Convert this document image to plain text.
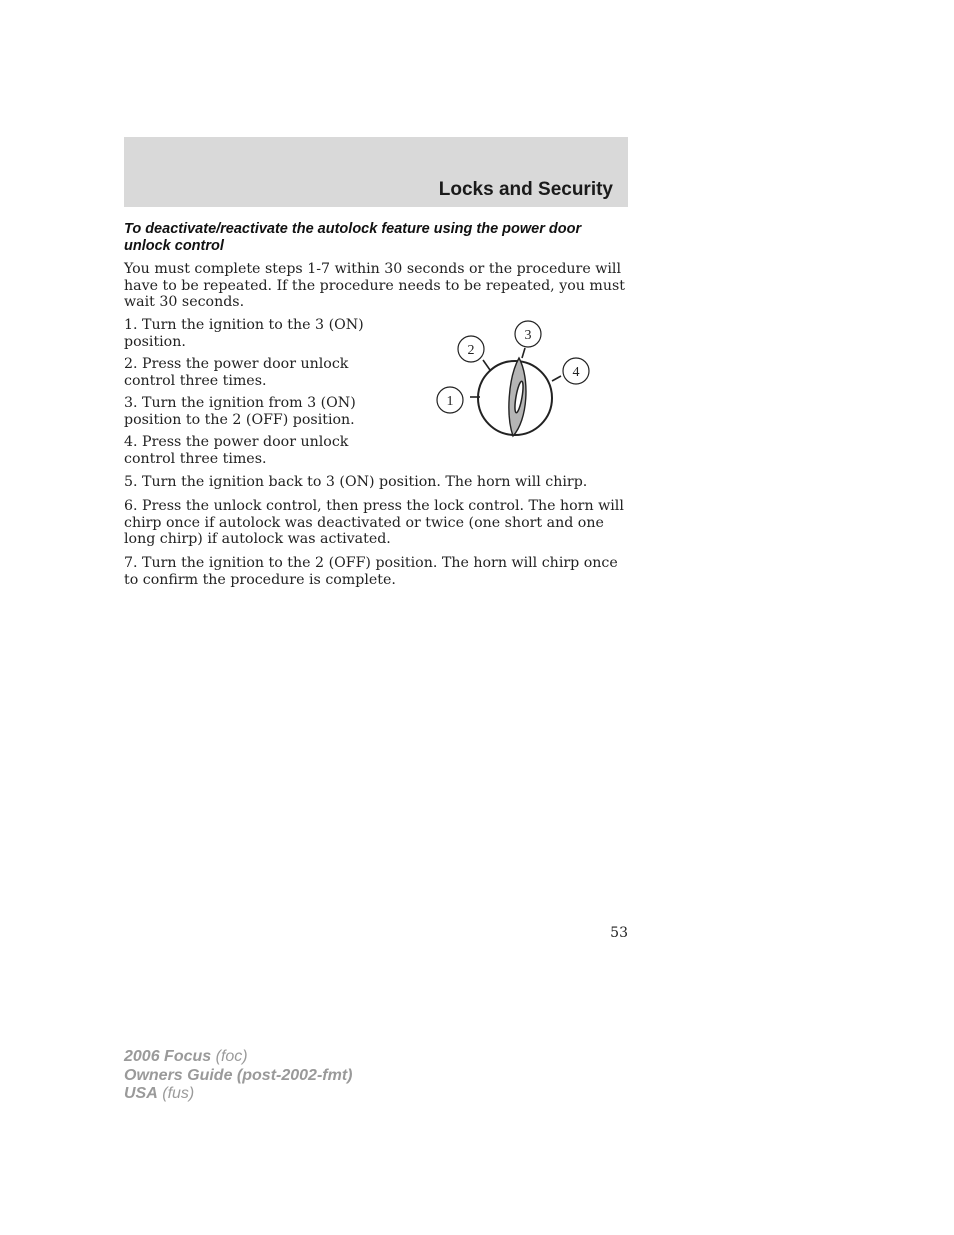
Locks and Security

To deactivate/reactivate the autolock feature using the power door unlock control

You must complete steps 1-7 within 30 seconds or the procedure will have to be repeated. If the procedure needs to be repeated, you must wait 30 seconds.

1. Turn the ignition to the 3 (ON) position.

2. Press the power door unlock control three times.

3. Turn the ignition from 3 (ON) position to the 2 (OFF) position.

4. Press the power door unlock control three times.

5. Turn the ignition back to 3 (ON) position. The horn will chirp.

6. Press the unlock control, then press the lock control. The horn will chirp once if autolock was deactivated or twice (one short and one long chirp) if autolock was activated.

7. Turn the ignition to the 2 (OFF) position. The horn will chirp once to confirm the procedure is complete.

1
2
3
4

53

2006 Focus (foc)
Owners Guide (post-2002-fmt)
USA (fus)
